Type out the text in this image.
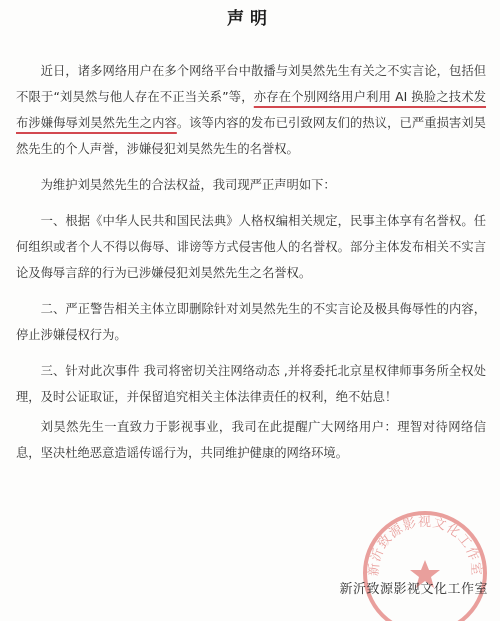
声明

近日，诸多网络用户在多个网络平台中散播与刘昊然先生有关之不实言论，包括但不限于“刘昊然与他人存在不正当关系”等，亦存在个别网络用户利用 AI 换脸之技术发布涉嫌侮辱刘昊然先生之内容。该等内容的发布已引致网友们的热议，已严重损害刘昊然先生的个人声誉，涉嫌侵犯刘昊然先生的名誉权。

为维护刘昊然先生的合法权益，我司现严正声明如下：

一、根据《中华人民共和国民法典》人格权编相关规定，民事主体享有名誉权。任何组织或者个人不得以侮辱、诽谤等方式侵害他人的名誉权。部分主体发布相关不实言论及侮辱言辞的行为已涉嫌侵犯刘昊然先生之名誉权。

二、严正警告相关主体立即删除针对刘昊然先生的不实言论及极具侮辱性的内容，停止涉嫌侵权行为。

三、针对此次事件 我司将密切关注网络动态 ,并将委托北京星权律师事务所全权处理，及时公证取证，并保留追究相关主体法律责任的权利，绝不姑息！

刘昊然先生一直致力于影视事业，我司在此提醒广大网络用户：理智对待网络信息，坚决杜绝恶意造谣传谣行为，共同维护健康的网络环境。

新沂致源影视文化工作室
新沂致源影视文化工作室
